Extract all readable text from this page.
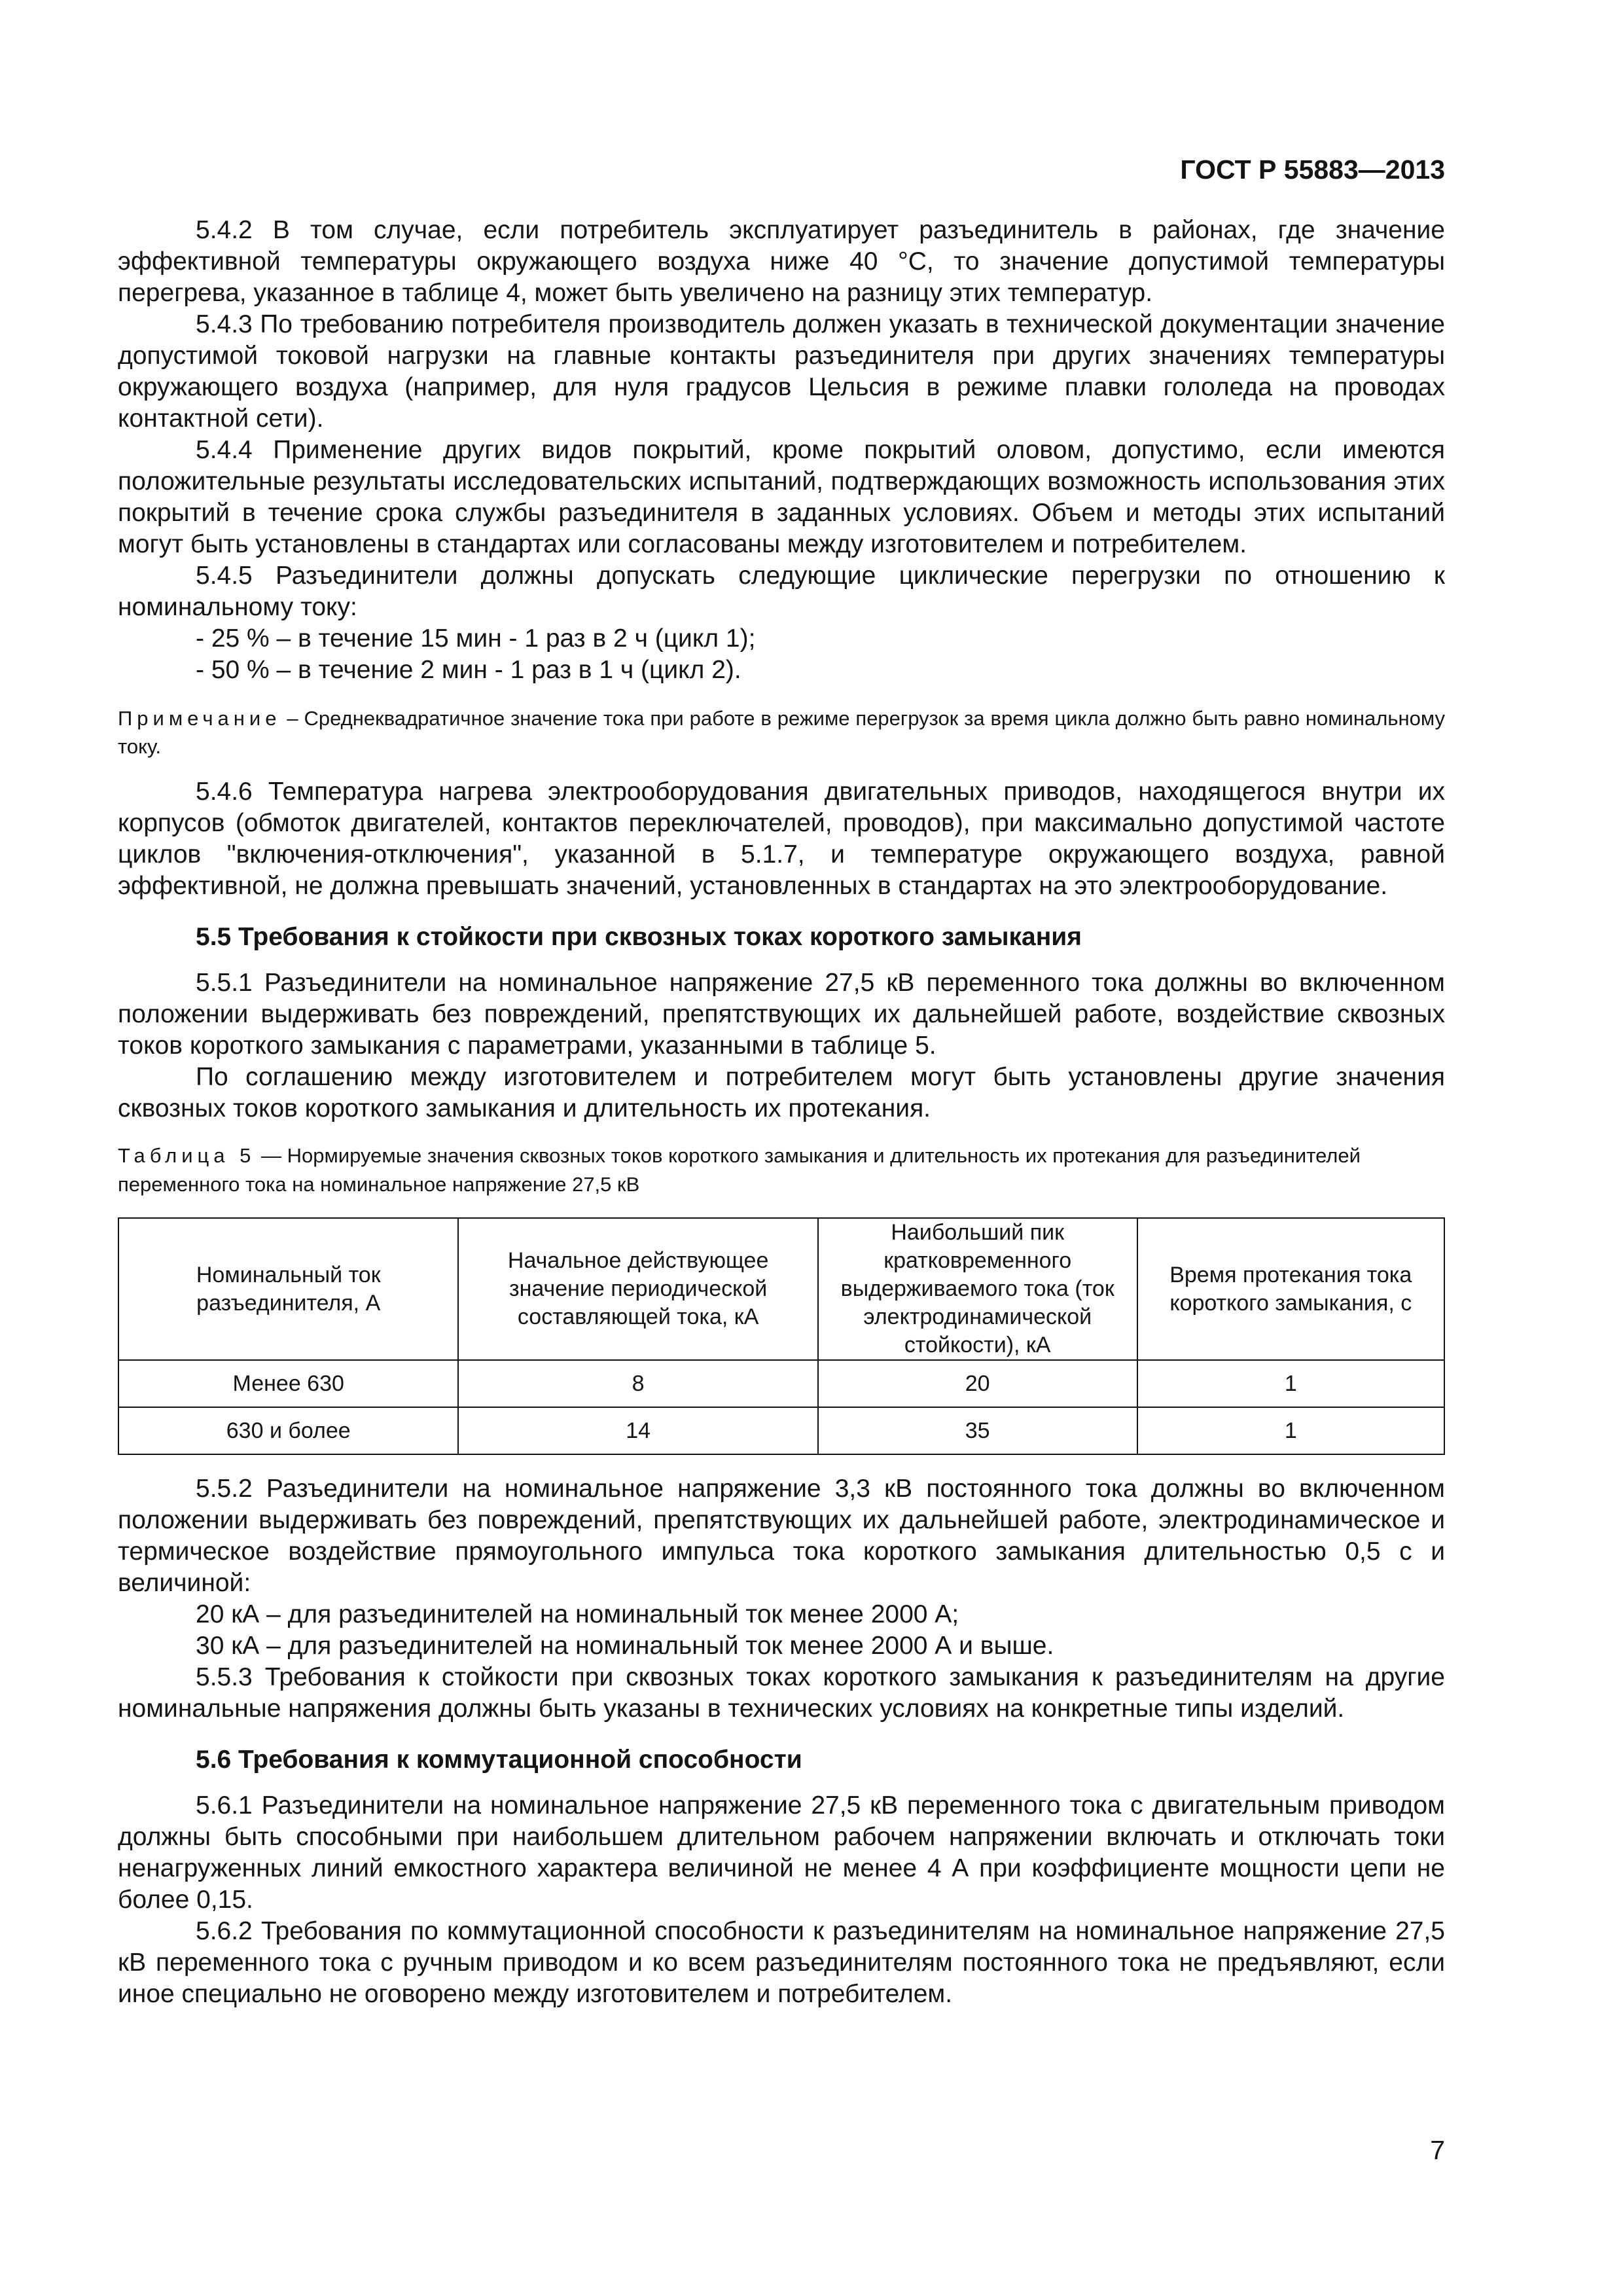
ГОСТ Р 55883—2013

5.4.2 В том случае, если потребитель эксплуатирует разъединитель в районах, где значение эффективной температуры окружающего воздуха ниже 40 °С, то значение допустимой температуры перегрева, указанное в таблице 4, может быть увеличено на разницу этих температур.

5.4.3 По требованию потребителя производитель должен указать в технической документации значение допустимой токовой нагрузки на главные контакты разъединителя при других значениях температуры окружающего воздуха (например, для нуля градусов Цельсия в режиме плавки гололеда на проводах контактной сети).

5.4.4 Применение других видов покрытий, кроме покрытий оловом, допустимо, если имеются положительные результаты исследовательских испытаний, подтверждающих возможность использования этих покрытий в течение срока службы разъединителя в заданных условиях. Объем и методы этих испытаний могут быть установлены в стандартах или согласованы между изготовителем и потребителем.

5.4.5 Разъединители должны допускать следующие циклические перегрузки по отношению к номинальному току:

- 25 % – в течение 15 мин - 1 раз в 2 ч (цикл 1);

- 50 % – в течение 2 мин - 1 раз в 1 ч (цикл 2).

Примечание – Среднеквадратичное значение тока при работе в режиме перегрузок за время цикла должно быть равно номинальному току.

5.4.6 Температура нагрева электрооборудования двигательных приводов, находящегося внутри их корпусов (обмоток двигателей, контактов переключателей, проводов), при максимально допустимой частоте циклов "включения-отключения", указанной в 5.1.7, и температуре окружающего воздуха, равной эффективной, не должна превышать значений, установленных в стандартах на это электрооборудование.

5.5 Требования к стойкости при сквозных токах короткого замыкания

5.5.1 Разъединители на номинальное напряжение 27,5 кВ переменного тока должны во включенном положении выдерживать без повреждений, препятствующих их дальнейшей работе, воздействие сквозных токов короткого замыкания с параметрами, указанными в таблице 5.

По соглашению между изготовителем и потребителем могут быть установлены другие значения сквозных токов короткого замыкания и длительность их протекания.

Таблица 5 — Нормируемые значения сквозных токов короткого замыкания и длительность их протекания для разъединителей переменного тока на номинальное напряжение 27,5 кВ
Номинальный ток разъединителя, А	Начальное действующее значение периодической составляющей тока, кА	Наибольший пик кратковременного выдерживаемого тока (ток электродинамической стойкости), кА	Время протекания тока короткого замыкания, с
Менее 630	8	20	1
630 и более	14	35	1

5.5.2 Разъединители на номинальное напряжение 3,3 кВ постоянного тока должны во включенном положении выдерживать без повреждений, препятствующих их дальнейшей работе, электродинамическое и термическое воздействие прямоугольного импульса тока короткого замыкания длительностью 0,5 с и величиной:

20 кА – для разъединителей на номинальный ток менее 2000 А;

30 кА – для разъединителей на номинальный ток менее 2000 А и выше.

5.5.3 Требования к стойкости при сквозных токах короткого замыкания к разъединителям на другие номинальные напряжения должны быть указаны в технических условиях на конкретные типы изделий.

5.6 Требования к коммутационной способности

5.6.1 Разъединители на номинальное напряжение 27,5 кВ переменного тока с двигательным приводом должны быть способными при наибольшем длительном рабочем напряжении включать и отключать токи ненагруженных линий емкостного характера величиной не менее 4 А при коэффициенте мощности цепи не более 0,15.

5.6.2 Требования по коммутационной способности к разъединителям на номинальное напряжение 27,5 кВ переменного тока с ручным приводом и ко всем разъединителям постоянного тока не предъявляют, если иное специально не оговорено между изготовителем и потребителем.

7
